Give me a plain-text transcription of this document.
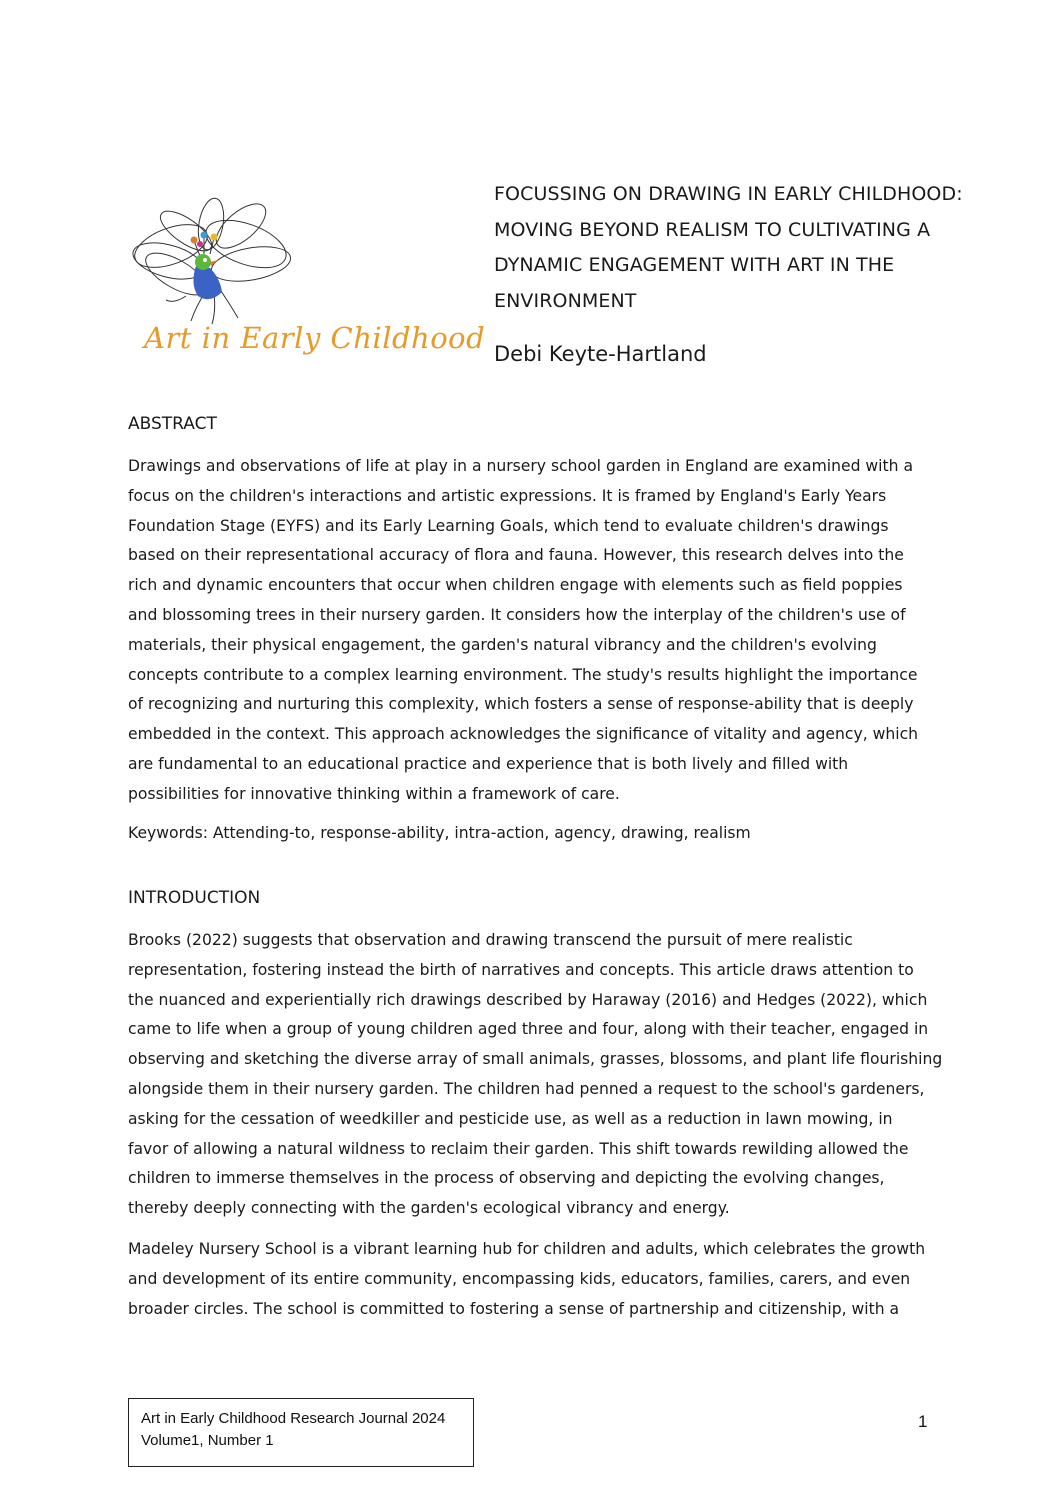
Art in Early Childhood
FOCUSSING ON DRAWING IN EARLY CHILDHOOD:
MOVING BEYOND REALISM TO CULTIVATING A
DYNAMIC ENGAGEMENT WITH ART IN THE
ENVIRONMENT

Debi Keyte-Hartland

ABSTRACT
Drawings and observations of life at play in a nursery school garden in England are examined with a
focus on the children's interactions and artistic expressions. It is framed by England's Early Years
Foundation Stage (EYFS) and its Early Learning Goals, which tend to evaluate children's drawings
based on their representational accuracy of flora and fauna. However, this research delves into the
rich and dynamic encounters that occur when children engage with elements such as field poppies
and blossoming trees in their nursery garden. It considers how the interplay of the children's use of
materials, their physical engagement, the garden's natural vibrancy and the children's evolving
concepts contribute to a complex learning environment. The study's results highlight the importance
of recognizing and nurturing this complexity, which fosters a sense of response-ability that is deeply
embedded in the context. This approach acknowledges the significance of vitality and agency, which
are fundamental to an educational practice and experience that is both lively and filled with
possibilities for innovative thinking within a framework of care.

Keywords: Attending-to, response-ability, intra-action, agency, drawing, realism

INTRODUCTION
Brooks (2022) suggests that observation and drawing transcend the pursuit of mere realistic
representation, fostering instead the birth of narratives and concepts. This article draws attention to
the nuanced and experientially rich drawings described by Haraway (2016) and Hedges (2022), which
came to life when a group of young children aged three and four, along with their teacher, engaged in
observing and sketching the diverse array of small animals, grasses, blossoms, and plant life flourishing
alongside them in their nursery garden. The children had penned a request to the school's gardeners,
asking for the cessation of weedkiller and pesticide use, as well as a reduction in lawn mowing, in
favor of allowing a natural wildness to reclaim their garden. This shift towards rewilding allowed the
children to immerse themselves in the process of observing and depicting the evolving changes,
thereby deeply connecting with the garden's ecological vibrancy and energy.
Madeley Nursery School is a vibrant learning hub for children and adults, which celebrates the growth
and development of its entire community, encompassing kids, educators, families, carers, and even
broader circles. The school is committed to fostering a sense of partnership and citizenship, with a
Art in Early Childhood Research Journal 2024
Volume1, Number 1
1
